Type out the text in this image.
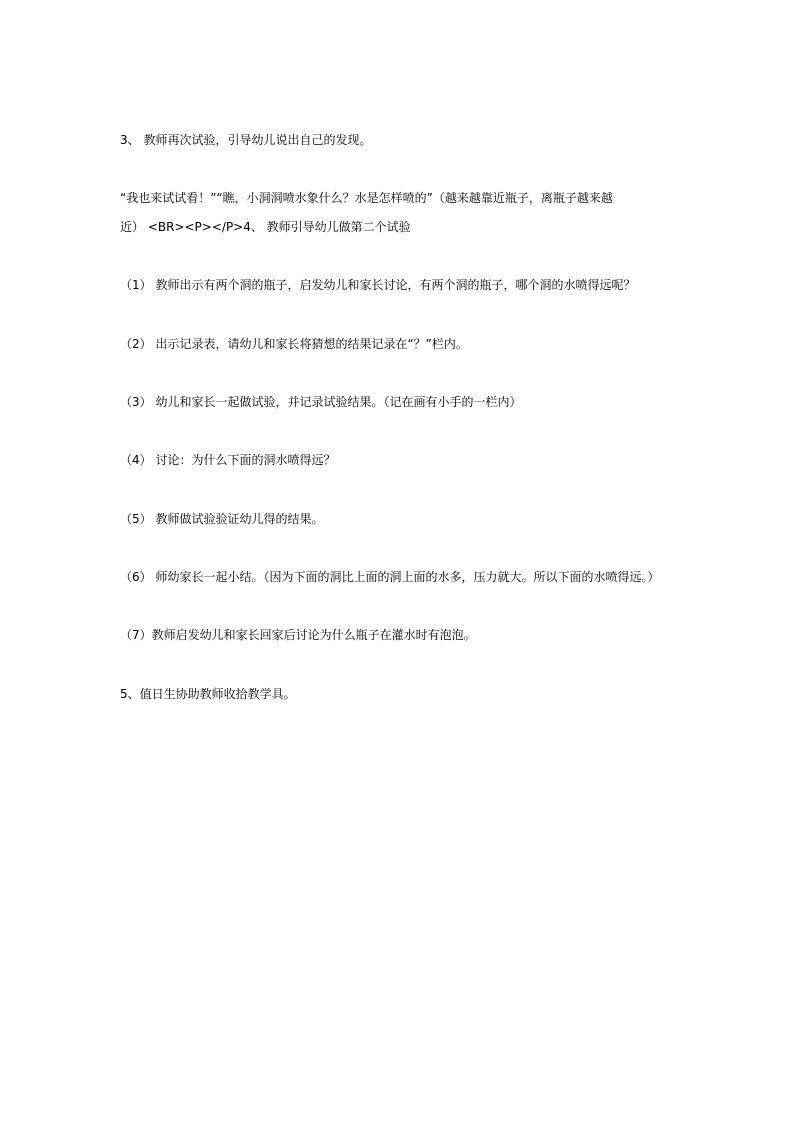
3、 教师再次试验，引导幼儿说出自己的发现。
“我也来试试看！”“瞧，小洞洞喷水象什么？水是怎样喷的”（越来越靠近瓶子，离瓶子越来越
近） <BR><P></P>4、 教师引导幼儿做第二个试验
（1） 教师出示有两个洞的瓶子，启发幼儿和家长讨论，有两个洞的瓶子，哪个洞的水喷得远呢？
（2） 出示记录表，请幼儿和家长将猜想的结果记录在“？”栏内。
（3） 幼儿和家长一起做试验，并记录试验结果。（记在画有小手的一栏内）
（4） 讨论：为什么下面的洞水喷得远？
（5） 教师做试验验证幼儿得的结果。
（6） 师幼家长一起小结。（因为下面的洞比上面的洞上面的水多，压力就大。所以下面的水喷得远。）
（7）教师启发幼儿和家长回家后讨论为什么瓶子在灌水时有泡泡。
5、值日生协助教师收拾教学具。
